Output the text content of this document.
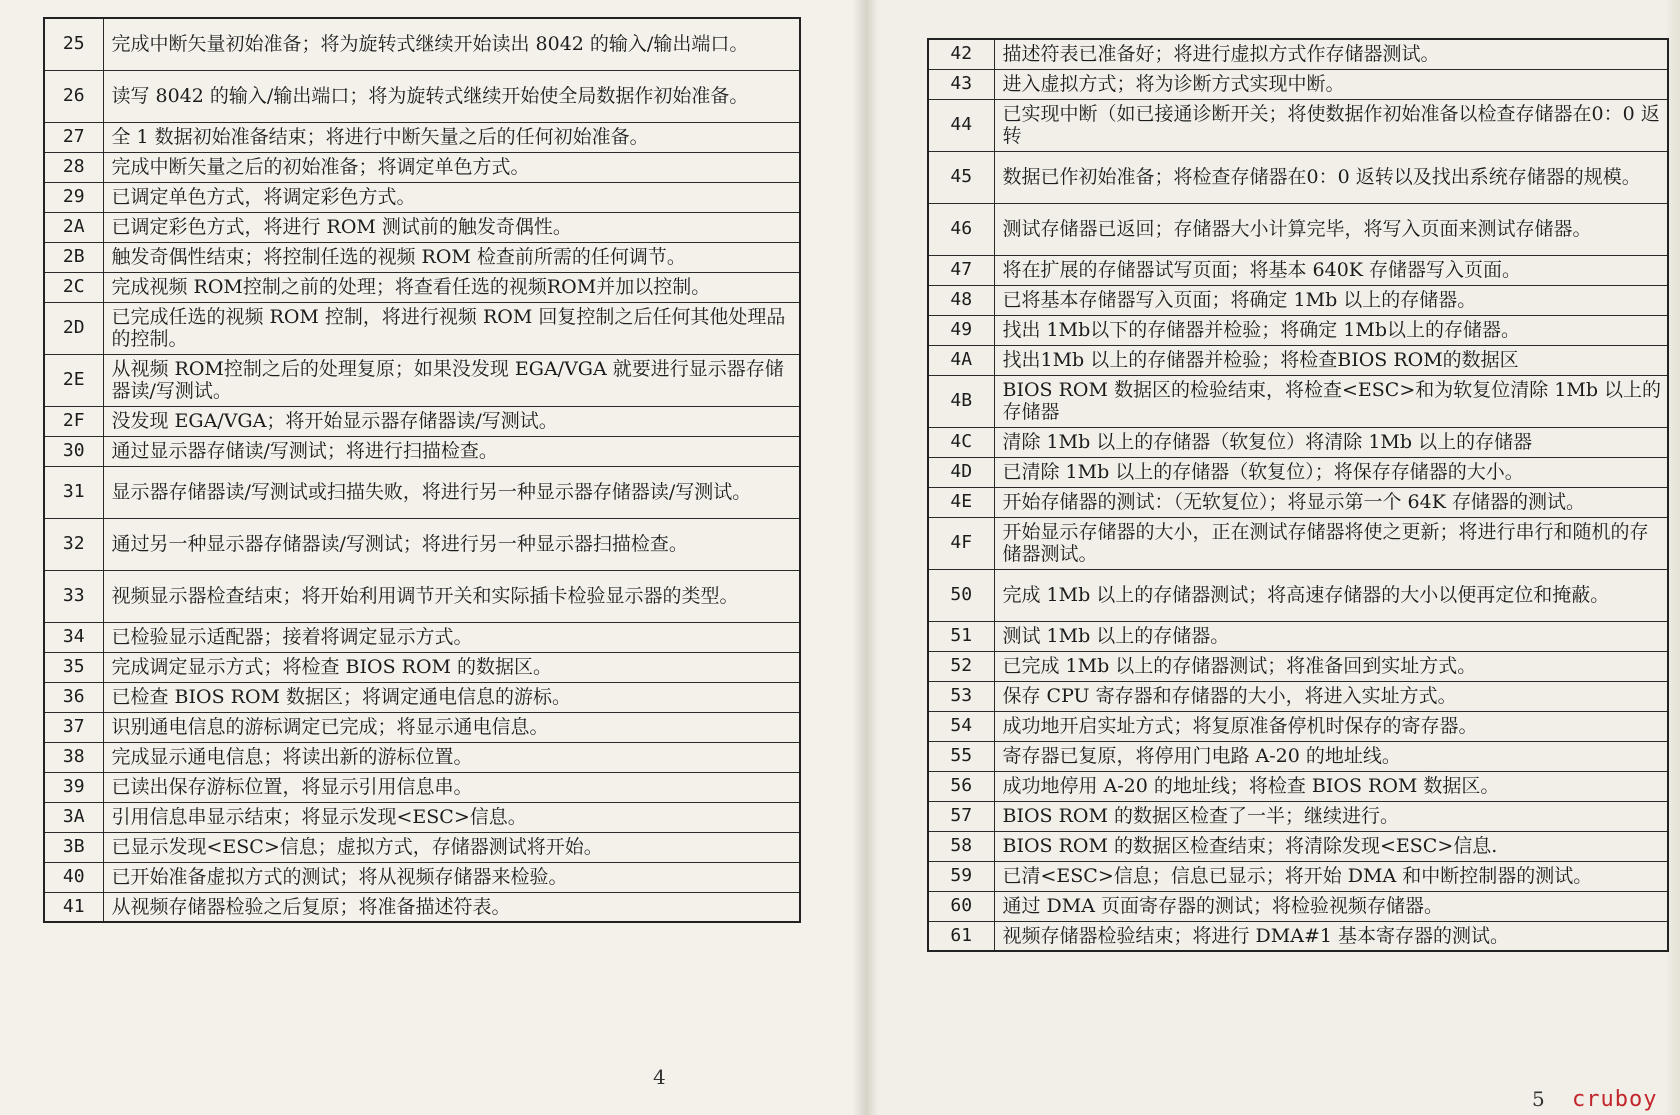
25	完成中断矢量初始准备；将为旋转式继续开始读出 8042 的输入/输出端口。
26	读写 8042 的输入/输出端口；将为旋转式继续开始使全局数据作初始准备。
27	全 1 数据初始准备结束；将进行中断矢量之后的任何初始准备。
28	完成中断矢量之后的初始准备；将调定单色方式。
29	已调定单色方式，将调定彩色方式。
2A	已调定彩色方式，将进行 ROM 测试前的触发奇偶性。
2B	触发奇偶性结束；将控制任选的视频 ROM 检查前所需的任何调节。
2C	完成视频 ROM控制之前的处理；将查看任选的视频ROM并加以控制。
2D	已完成任选的视频 ROM 控制，将进行视频 ROM 回复控制之后任何其他处理品的控制。
2E	从视频 ROM控制之后的处理复原；如果没发现 EGA/VGA 就要进行显示器存储器读/写测试。
2F	没发现 EGA/VGA；将开始显示器存储器读/写测试。
30	通过显示器存储读/写测试；将进行扫描检查。
31	显示器存储器读/写测试或扫描失败，将进行另一种显示器存储器读/写测试。
32	通过另一种显示器存储器读/写测试；将进行另一种显示器扫描检查。
33	视频显示器检查结束；将开始利用调节开关和实际插卡检验显示器的类型。
34	已检验显示适配器；接着将调定显示方式。
35	完成调定显示方式；将检查 BIOS ROM 的数据区。
36	已检查 BIOS ROM 数据区；将调定通电信息的游标。
37	识别通电信息的游标调定已完成；将显示通电信息。
38	完成显示通电信息；将读出新的游标位置。
39	已读出保存游标位置，将显示引用信息串。
3A	引用信息串显示结束；将显示发现<ESC>信息。
3B	已显示发现<ESC>信息；虚拟方式，存储器测试将开始。
40	已开始准备虚拟方式的测试；将从视频存储器来检验。
41	从视频存储器检验之后复原；将准备描述符表。
42	描述符表已准备好；将进行虚拟方式作存储器测试。
43	进入虚拟方式；将为诊断方式实现中断。
44	已实现中断（如已接通诊断开关；将使数据作初始准备以检查存储器在0：0 返转
45	数据已作初始准备；将检查存储器在0：0 返转以及找出系统存储器的规模。
46	测试存储器已返回；存储器大小计算完毕，将写入页面来测试存储器。
47	将在扩展的存储器试写页面；将基本 640K 存储器写入页面。
48	已将基本存储器写入页面；将确定 1Mb 以上的存储器。
49	找出 1Mb以下的存储器并检验；将确定 1Mb以上的存储器。
4A	找出1Mb 以上的存储器并检验；将检查BIOS ROM的数据区
4B	BIOS ROM 数据区的检验结束，将检查<ESC>和为软复位清除 1Mb 以上的存储器
4C	清除 1Mb 以上的存储器（软复位）将清除 1Mb 以上的存储器
4D	已清除 1Mb 以上的存储器（软复位）；将保存存储器的大小。
4E	开始存储器的测试：（无软复位）；将显示第一个 64K 存储器的测试。
4F	开始显示存储器的大小，正在测试存储器将使之更新；将进行串行和随机的存储器测试。
50	完成 1Mb 以上的存储器测试；将高速存储器的大小以便再定位和掩蔽。
51	测试 1Mb 以上的存储器。
52	已完成 1Mb 以上的存储器测试；将准备回到实址方式。
53	保存 CPU 寄存器和存储器的大小，将进入实址方式。
54	成功地开启实址方式；将复原准备停机时保存的寄存器。
55	寄存器已复原，将停用门电路 A-20 的地址线。
56	成功地停用 A-20 的地址线；将检查 BIOS ROM 数据区。
57	BIOS ROM 的数据区检查了一半；继续进行。
58	BIOS ROM 的数据区检查结束；将清除发现<ESC>信息.
59	已清<ESC>信息；信息已显示；将开始 DMA 和中断控制器的测试。
60	通过 DMA 页面寄存器的测试；将检验视频存储器。
61	视频存储器检验结束；将进行 DMA#1 基本寄存器的测试。
4
5 cruboy
